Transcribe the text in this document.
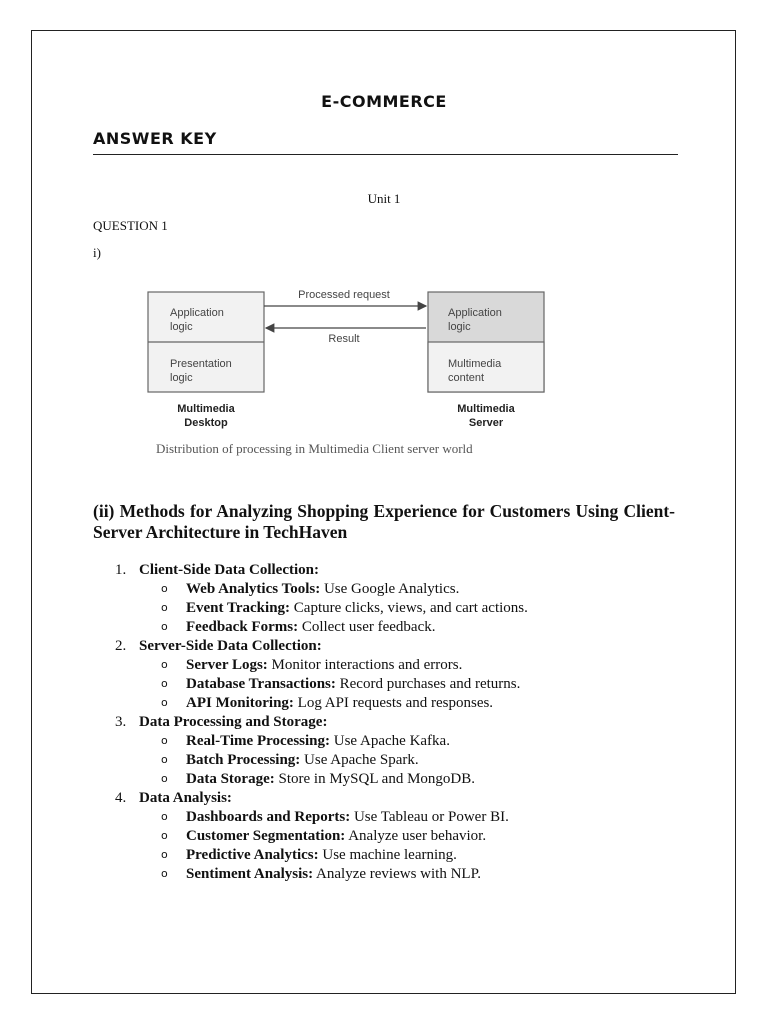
E-COMMERCE
ANSWER KEY
Unit 1
QUESTION 1
i)
Processed request
Result
Application
logic
Presentation
logic
Application
logic
Multimedia
content
Multimedia
Desktop
Multimedia
Server
Distribution of processing in Multimedia Client server world
(ii) Methods for Analyzing Shopping Experience for Customers Using Client-Server Architecture in TechHaven
1. Client-Side Data Collection:
o Web Analytics Tools: Use Google Analytics.
o Event Tracking: Capture clicks, views, and cart actions.
o Feedback Forms: Collect user feedback.
2. Server-Side Data Collection:
o Server Logs: Monitor interactions and errors.
o Database Transactions: Record purchases and returns.
o API Monitoring: Log API requests and responses.
3. Data Processing and Storage:
o Real-Time Processing: Use Apache Kafka.
o Batch Processing: Use Apache Spark.
o Data Storage: Store in MySQL and MongoDB.
4. Data Analysis:
o Dashboards and Reports: Use Tableau or Power BI.
o Customer Segmentation: Analyze user behavior.
o Predictive Analytics: Use machine learning.
o Sentiment Analysis: Analyze reviews with NLP.
